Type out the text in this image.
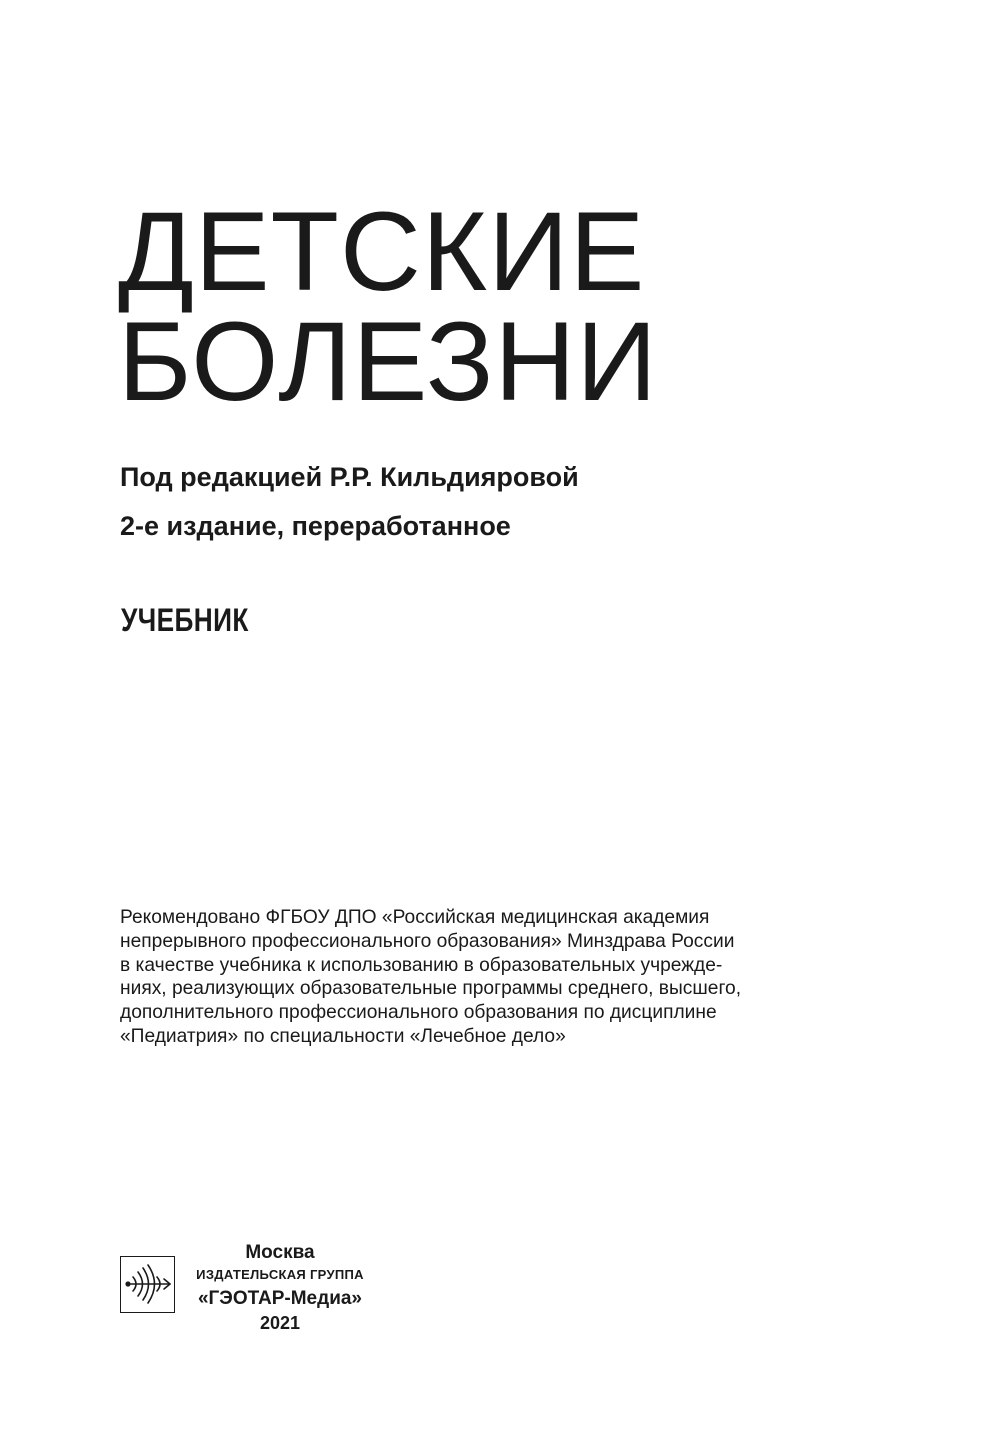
ДЕТСКИЕ
БОЛЕЗНИ
Под редакцией Р.Р. Кильдияровой
2-е издание, переработанное
УЧЕБНИК

Рекомендовано ФГБОУ ДПО «Российская медицинская академия
непрерывного профессионального образования» Минздрава России
в качестве учебника к использованию в образовательных учрежде-
ниях, реализующих образовательные программы среднего, высшего,
дополнительного профессионального образования по дисциплине
«Педиатрия» по специальности «Лечебное дело»

Москва
ИЗДАТЕЛЬСКАЯ ГРУППА
«ГЭОТАР-Медиа»
2021
